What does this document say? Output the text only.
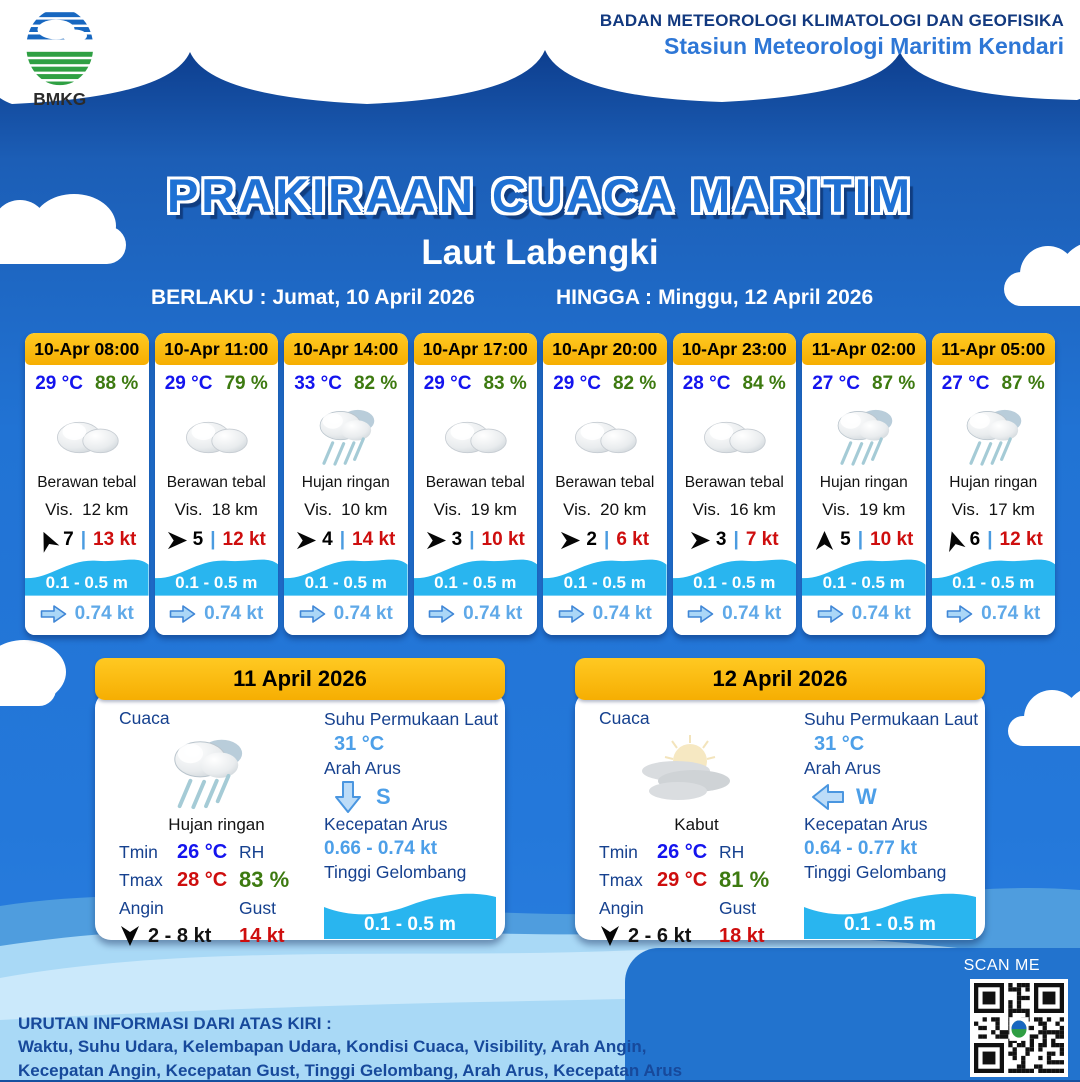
BMKG
BADAN METEOROLOGI KLIMATOLOGI DAN GEOFISIKA
Stasiun Meteorologi Maritim Kendari
PRAKIRAAN CUACA MARITIM
Laut Labengki
BERLAKU : Jumat, 10 April 2026	HINGGA : Minggu, 12 April 2026
10-Apr 08:00
29 °C 88 %
Berawan tebal
Vis. 12 km
7 | 13 kt
0.1 - 0.5 m
0.74 kt
10-Apr 11:00
29 °C 79 %
Berawan tebal
Vis. 18 km
5 | 12 kt
0.1 - 0.5 m
0.74 kt
10-Apr 14:00
33 °C 82 %
Hujan ringan
Vis. 10 km
4 | 14 kt
0.1 - 0.5 m
0.74 kt
10-Apr 17:00
29 °C 83 %
Berawan tebal
Vis. 19 km
3 | 10 kt
0.1 - 0.5 m
0.74 kt
10-Apr 20:00
29 °C 82 %
Berawan tebal
Vis. 20 km
2 | 6 kt
0.1 - 0.5 m
0.74 kt
10-Apr 23:00
28 °C 84 %
Berawan tebal
Vis. 16 km
3 | 7 kt
0.1 - 0.5 m
0.74 kt
11-Apr 02:00
27 °C 87 %
Hujan ringan
Vis. 19 km
5 | 10 kt
0.1 - 0.5 m
0.74 kt
11-Apr 05:00
27 °C 87 %
Hujan ringan
Vis. 17 km
6 | 12 kt
0.1 - 0.5 m
0.74 kt
11 April 2026
Cuaca
Hujan ringan
Tmin 26 °C RH
Tmax 28 °C 83 %
Angin	Gust
2 - 8 kt 14 kt
Suhu Permukaan Laut
31 °C
Arah Arus
S
Kecepatan Arus
0.66 - 0.74 kt
Tinggi Gelombang
0.1 - 0.5 m
12 April 2026
Cuaca
Kabut
Tmin 26 °C RH
Tmax 29 °C 81 %
Angin	Gust
2 - 6 kt 18 kt
Suhu Permukaan Laut
31 °C
Arah Arus
W
Kecepatan Arus
0.64 - 0.77 kt
Tinggi Gelombang
0.1 - 0.5 m
URUTAN INFORMASI DARI ATAS KIRI :
Waktu, Suhu Udara, Kelembapan Udara, Kondisi Cuaca, Visibility, Arah Angin,
Kecepatan Angin, Kecepatan Gust, Tinggi Gelombang, Arah Arus, Kecepatan Arus
SCAN ME
